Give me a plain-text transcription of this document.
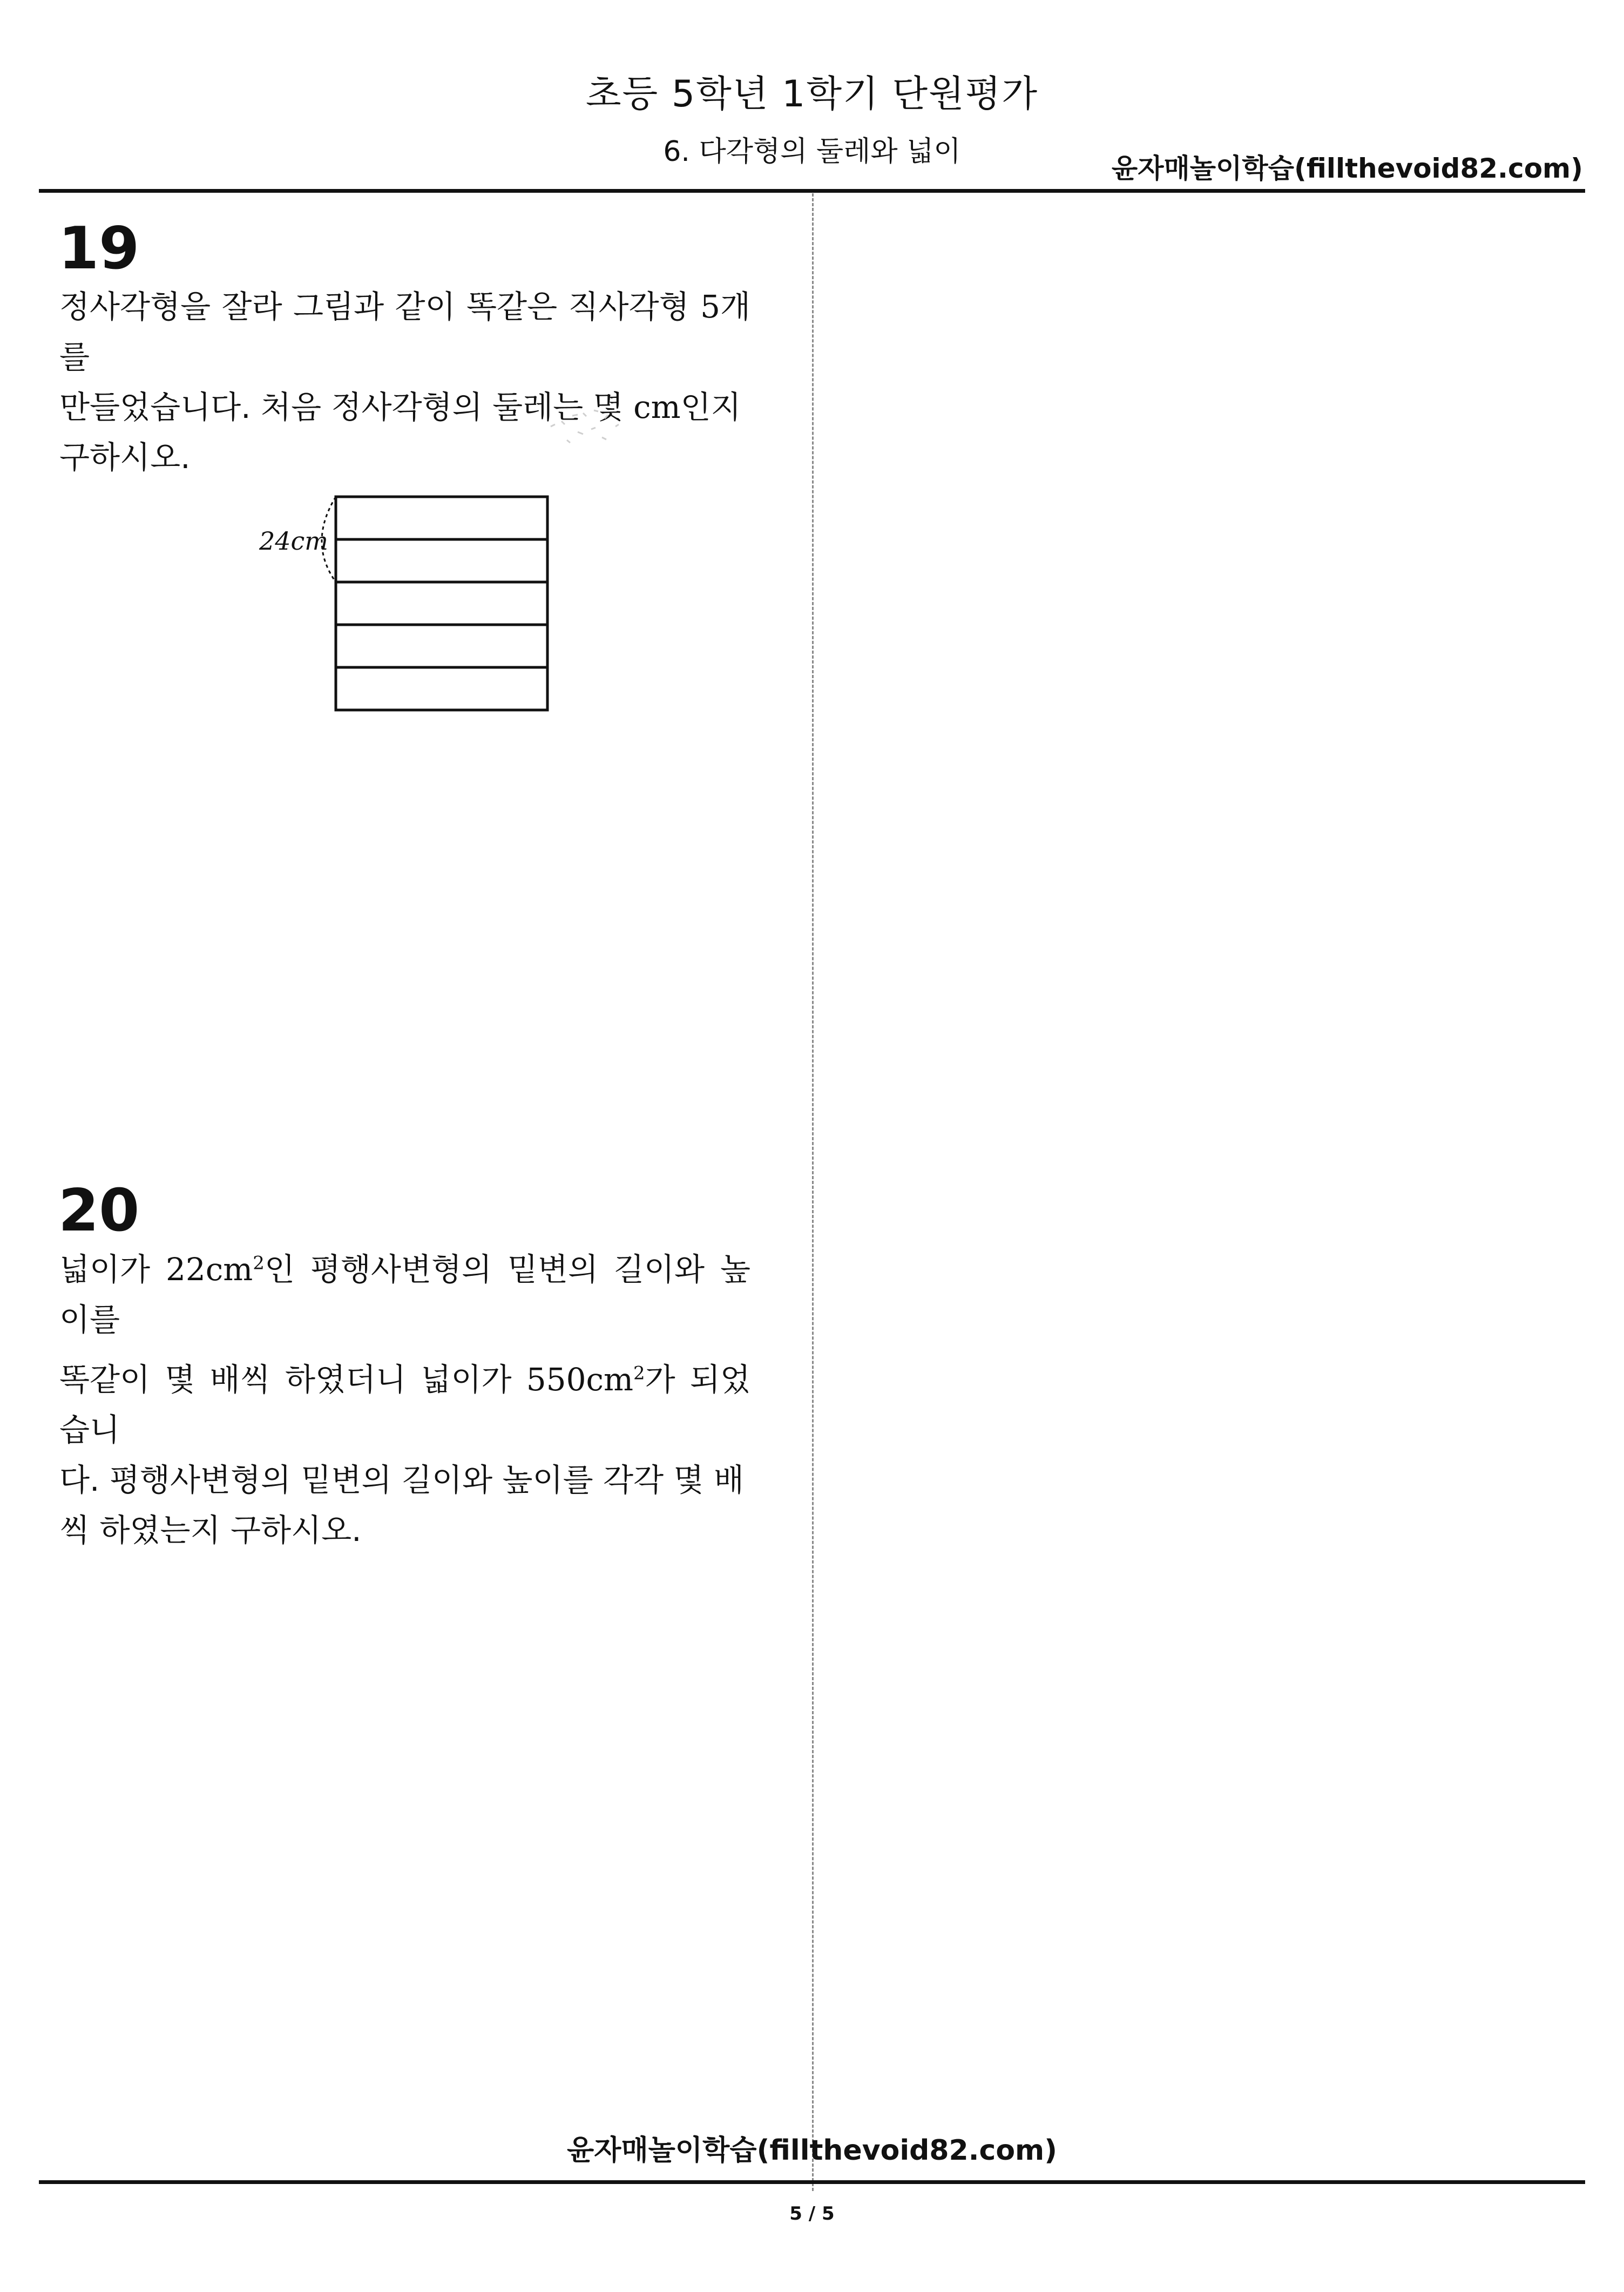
초등 5학년 1학기 단원평가
6. 다각형의 둘레와 넓이
윤자매놀이학습(fillthevoid82.com)
19
정사각형을 잘라 그림과 같이 똑같은 직사각형 5개를
만들었습니다. 처음 정사각형의 둘레는 몇 cm인지
구하시오.
24cm
20
넓이가 $22cm^2$인 평행사변형의 밑변의 길이와 높이를
똑같이 몇 배씩 하였더니 넓이가 $550cm^2$가 되었습니
다. 평행사변형의 밑변의 길이와 높이를 각각 몇 배
씩 하였는지 구하시오.
윤자매놀이학습(fillthevoid82.com)
5 / 5
